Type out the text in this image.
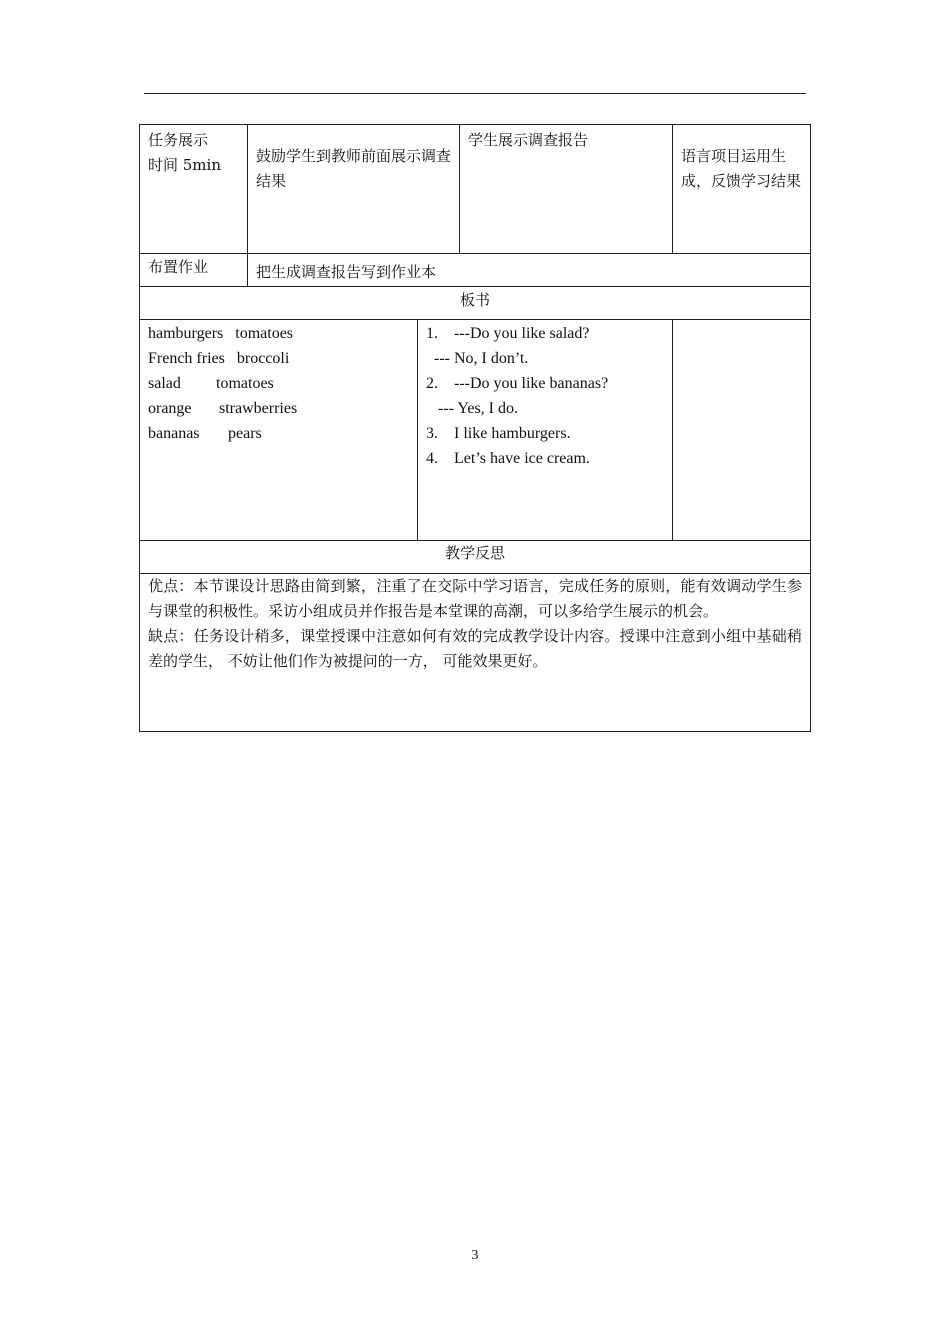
任务展示
时间 5min	鼓励学生到教师前面展示调查结果
学生展示调查报告
语言项目运用生成，反馈学习结果
布置作业	把生成调查报告写到作业本
板书
hamburgers tomatoes
French fries broccoli
salad tomatoes
orange strawberries
bananas pears
1. ---Do you like salad?
--- No, I don’t.
2. ---Do you like bananas?
--- Yes, I do.
3. I like hamburgers.
4. Let’s have ice cream.
教学反思
优点：本节课设计思路由简到繁，注重了在交际中学习语言，完成任务的原则，能有效调动学生参与课堂的积极性。采访小组成员并作报告是本堂课的高潮，可以多给学生展示的机会。
缺点：任务设计稍多，课堂授课中注意如何有效的完成教学设计内容。授课中注意到小组中基础稍差的学生， 不妨让他们作为被提问的一方， 可能效果更好。
3
